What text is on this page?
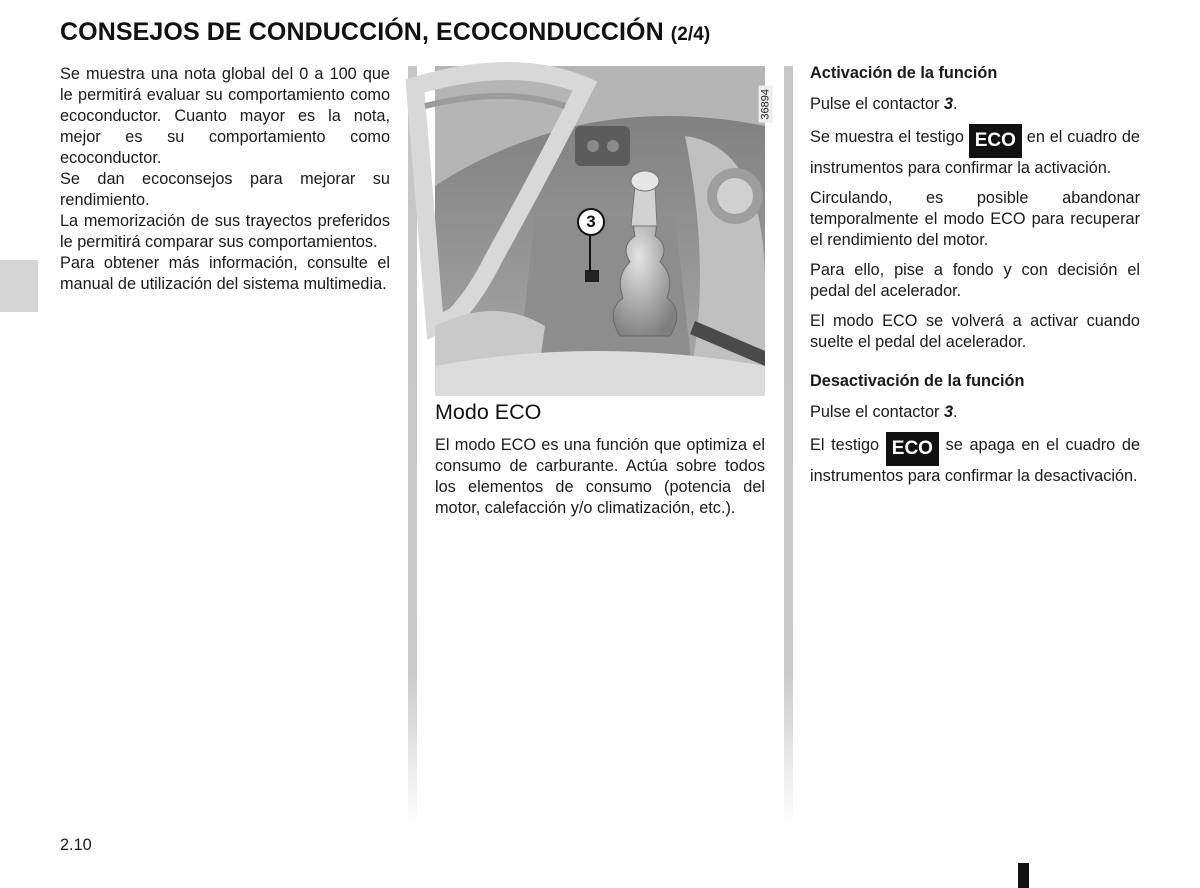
CONSEJOS DE CONDUCCIÓN, ECOCONDUCCIÓN (2/4)

Se muestra una nota global del 0 a 100 que le permitirá evaluar su comportamiento como ecoconductor. Cuanto mayor es la nota, mejor es su comportamiento como ecoconductor.

Se dan ecoconsejos para mejorar su rendimiento.

La memorización de sus trayectos preferidos le permitirá comparar sus comportamientos.

Para obtener más información, consulte el manual de utilización del sistema multimedia.

36894
3
Modo ECO

El modo ECO es una función que optimiza el consumo de carburante. Actúa sobre todos los elementos de consumo (potencia del motor, calefacción y/o climatización, etc.).

Activación de la función

Pulse el contactor 3.

Se muestra el testigo ECO en el cuadro de instrumentos para confirmar la activación.

Circulando, es posible abandonar temporalmente el modo ECO para recuperar el rendimiento del motor.

Para ello, pise a fondo y con decisión el pedal del acelerador.

El modo ECO se volverá a activar cuando suelte el pedal del acelerador.

Desactivación de la función

Pulse el contactor 3.

El testigo ECO se apaga en el cuadro de instrumentos para confirmar la desactivación.

2.10
